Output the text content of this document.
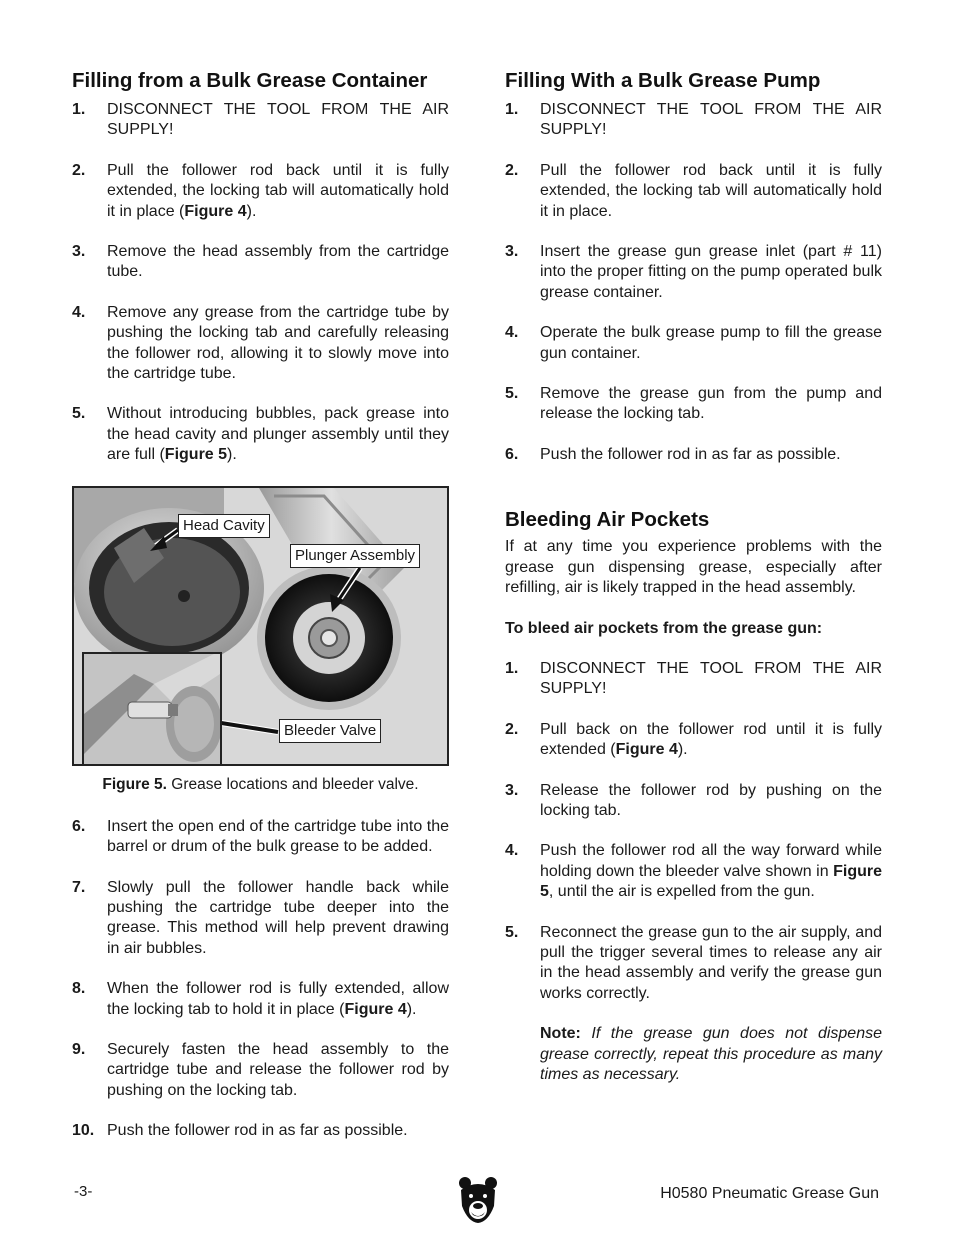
Filling from a Bulk Grease Container
1.	DISCONNECT THE TOOL FROM THE AIR SUPPLY!
2.	Pull the follower rod back until it is fully extended, the locking tab will automatically hold it in place (Figure 4).
3.	Remove the head assembly from the cartridge tube.
4.	Remove any grease from the cartridge tube by pushing the locking tab and carefully releasing the follower rod, allowing it to slowly move into the cartridge tube.
5.	Without introducing bubbles, pack grease into the head cavity and plunger assembly until they are full (Figure 5).
Head Cavity
Plunger Assembly
Bleeder Valve
Figure 5. Grease locations and bleeder valve.
6.	Insert the open end of the cartridge tube into the barrel or drum of the bulk grease to be added.
7.	Slowly pull the follower handle back while pushing the cartridge tube deeper into the grease. This method will help prevent drawing in air bubbles.
8.	When the follower rod is fully extended, allow the locking tab to hold it in place (Figure 4).
9.	Securely fasten the head assembly to the cartridge tube and release the follower rod by pushing on the locking tab.
10. Push the follower rod in as far as possible.
Filling With a Bulk Grease Pump
1.	DISCONNECT THE TOOL FROM THE AIR SUPPLY!
2.	Pull the follower rod back until it is fully extended, the locking tab will automatically hold it in place.
3.	Insert the grease gun grease inlet (part # 11) into the proper fitting on the pump operated bulk grease container.
4.	Operate the bulk grease pump to fill the grease gun container.
5.	Remove the grease gun from the pump and release the locking tab.
6.	Push the follower rod in as far as possible.
Bleeding Air Pockets

If at any time you experience problems with the grease gun dispensing grease, especially after refilling, air is likely trapped in the head assembly.

To bleed air pockets from the grease gun:

1.	DISCONNECT THE TOOL FROM THE AIR SUPPLY!
2.	Pull back on the follower rod until it is fully extended (Figure 4).
3.	Release the follower rod by pushing on the locking tab.
4.	Push the follower rod all the way forward while holding down the bleeder valve shown in Figure 5, until the air is expelled from the gun.
5.	Reconnect the grease gun to the air supply, and pull the trigger several times to release any air in the head assembly and verify the grease gun works correctly.
Note: If the grease gun does not dispense grease correctly, repeat this procedure as many times as necessary.
-3-	H0580 Pneumatic Grease Gun
